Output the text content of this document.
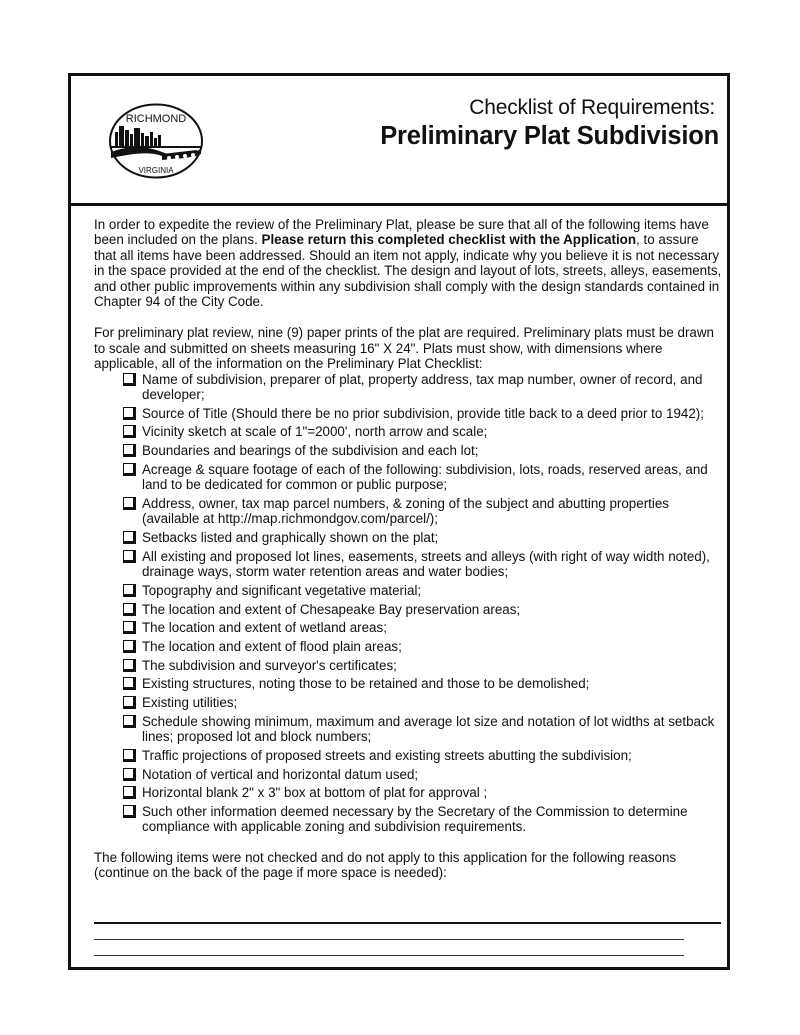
RICHMOND
VIRGINIA
Checklist of Requirements:
Preliminary Plat Subdivision

In order to expedite the review of the Preliminary Plat, please be sure that all of the following items have been included on the plans. Please return this completed checklist with the Application, to assure that all items have been addressed. Should an item not apply, indicate why you believe it is not necessary in the space provided at the end of the checklist. The design and layout of lots, streets, alleys, easements, and other public improvements within any subdivision shall comply with the design standards contained in Chapter 94 of the City Code.

For preliminary plat review, nine (9) paper prints of the plat are required. Preliminary plats must be drawn to scale and submitted on sheets measuring 16" X 24". Plats must show, with dimensions where applicable, all of the information on the Preliminary Plat Checklist:

Name of subdivision, preparer of plat, property address, tax map number, owner of record, and developer;
Source of Title (Should there be no prior subdivision, provide title back to a deed prior to 1942);
Vicinity sketch at scale of 1"=2000', north arrow and scale;
Boundaries and bearings of the subdivision and each lot;
Acreage & square footage of each of the following: subdivision, lots, roads, reserved areas, and land to be dedicated for common or public purpose;
Address, owner, tax map parcel numbers, & zoning of the subject and abutting properties (available at http://map.richmondgov.com/parcel/);
Setbacks listed and graphically shown on the plat;
All existing and proposed lot lines, easements, streets and alleys (with right of way width noted), drainage ways, storm water retention areas and water bodies;
Topography and significant vegetative material;
The location and extent of Chesapeake Bay preservation areas;
The location and extent of wetland areas;
The location and extent of flood plain areas;
The subdivision and surveyor's certificates;
Existing structures, noting those to be retained and those to be demolished;
Existing utilities;
Schedule showing minimum, maximum and average lot size and notation of lot widths at setback lines; proposed lot and block numbers;
Traffic projections of proposed streets and existing streets abutting the subdivision;
Notation of vertical and horizontal datum used;
Horizontal blank 2" x 3" box at bottom of plat for approval ;
Such other information deemed necessary by the Secretary of the Commission to determine compliance with applicable zoning and subdivision requirements.

The following items were not checked and do not apply to this application for the following reasons (continue on the back of the page if more space is needed):
